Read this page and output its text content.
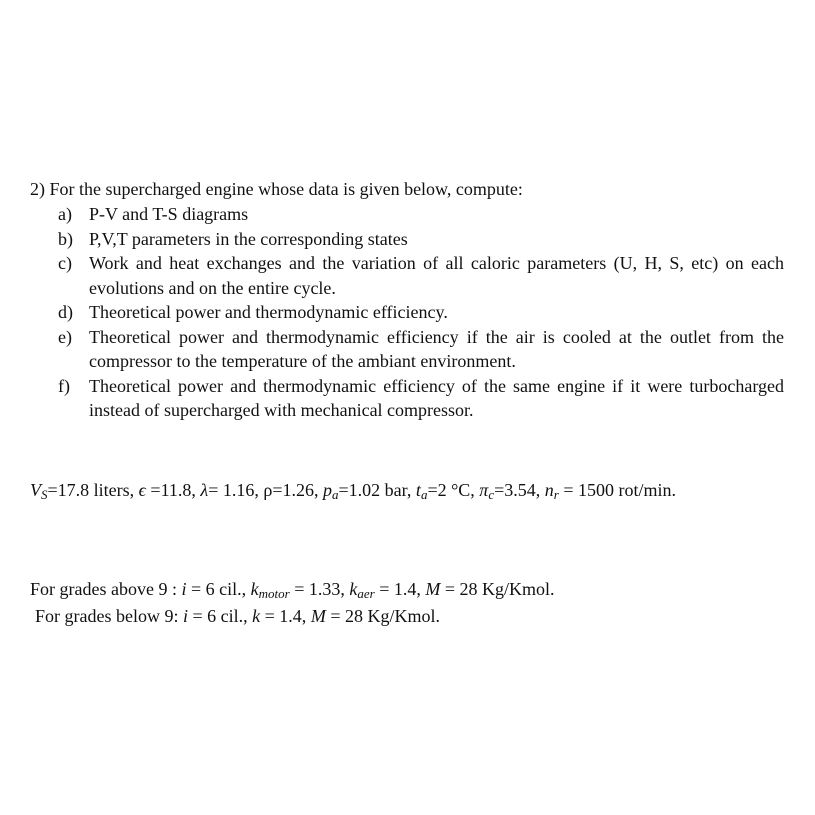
2) For the supercharged engine whose data is given below, compute:
a) P-V and T-S diagrams
b) P,V,T parameters in the corresponding states
c) Work and heat exchanges and the variation of all caloric parameters (U, H, S, etc) on each evolutions and on the entire cycle.
d) Theoretical power and thermodynamic efficiency.
e) Theoretical power and thermodynamic efficiency if the air is cooled at the outlet from the compressor to the temperature of the ambiant environment.
f)	Theoretical power and thermodynamic efficiency of the same engine if it were turbocharged instead of supercharged with mechanical compressor.
$V_S=17.8$ liters, ϵ =11.8, λ= 1.16, ρ=1.26, $p_a=1.02$ bar, $t_a=2$ °C, $\pi_c=3.54$, $n_r = 1500$ rot/min.
For grades above 9 : i = 6 cil., $k_{motor} = 1.33$, $k_{aer} = 1.4$, M = 28 Kg/Kmol.
For grades below 9: i = 6 cil., k = 1.4, M = 28 Kg/Kmol.
